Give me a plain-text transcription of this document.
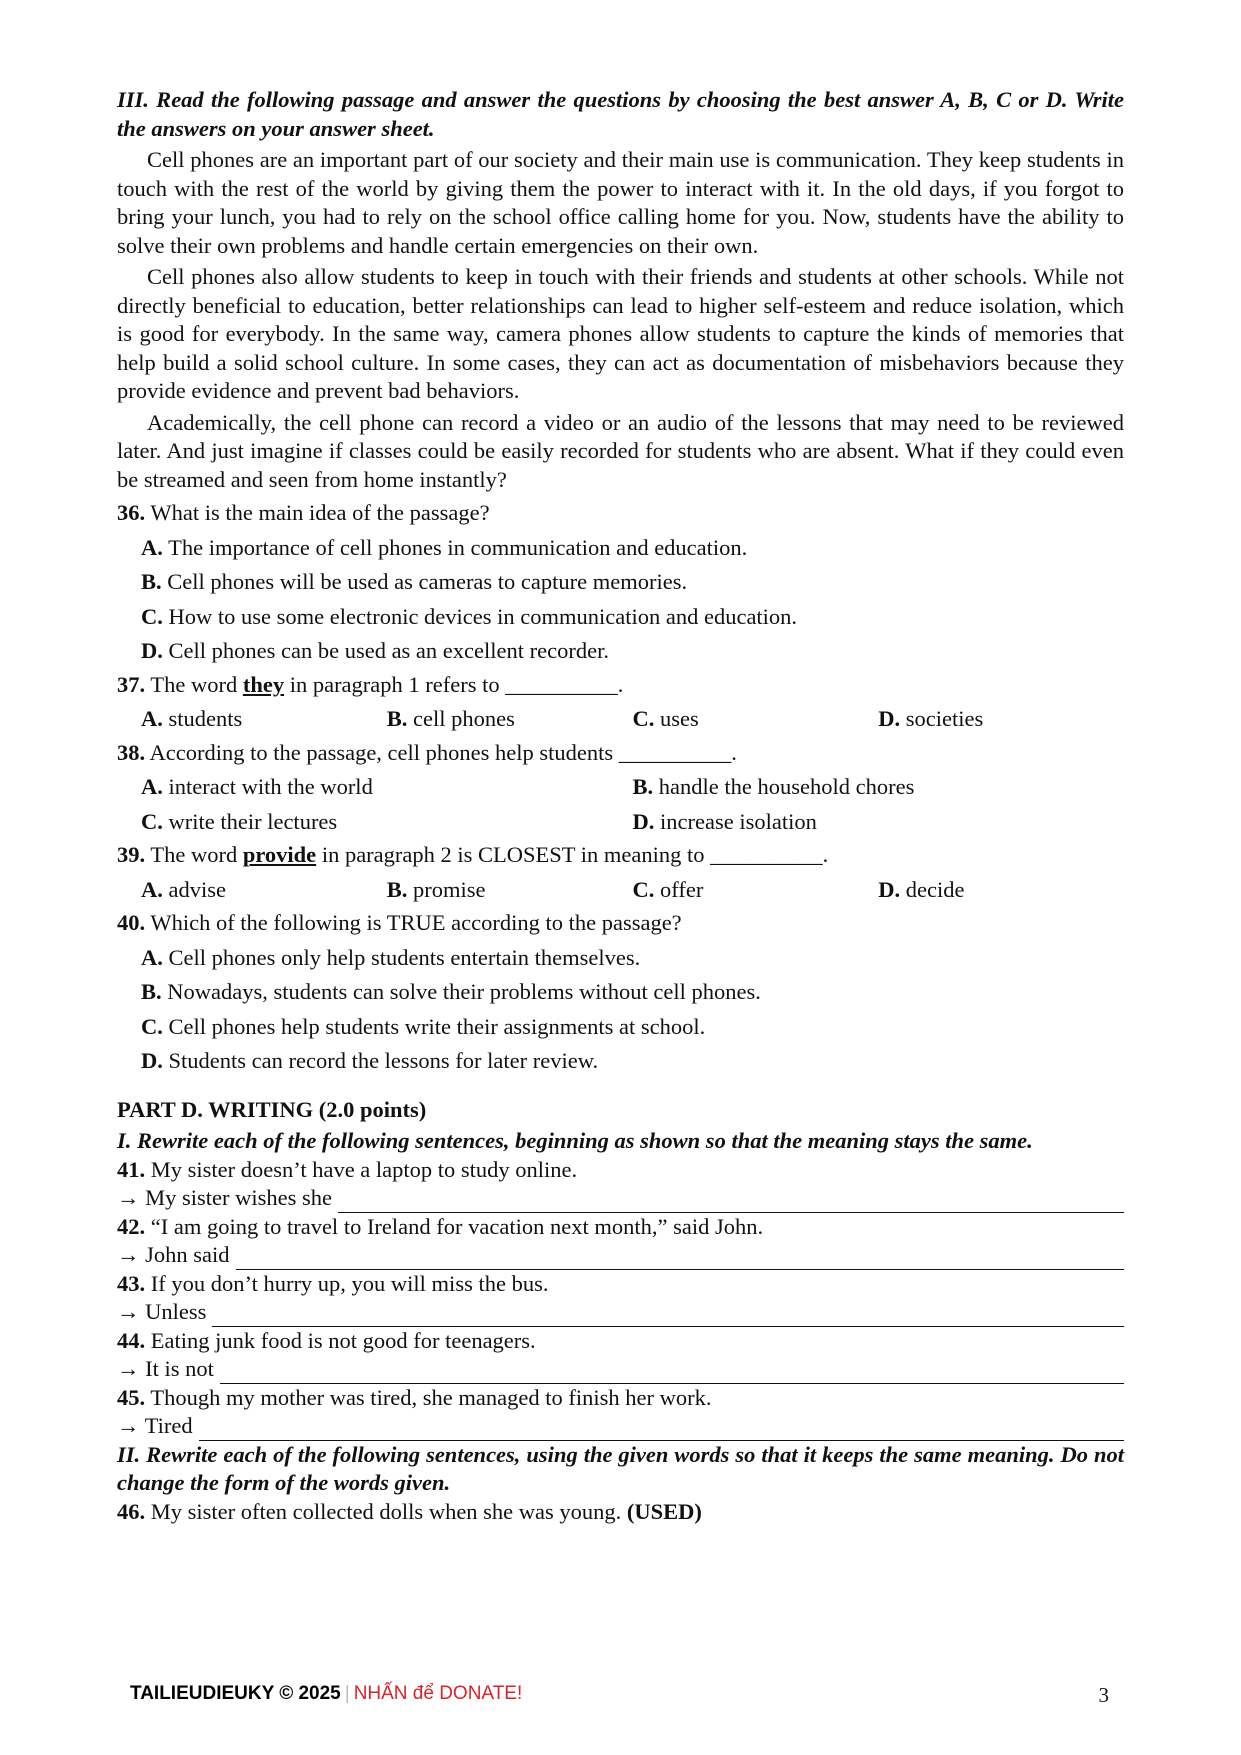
III. Read the following passage and answer the questions by choosing the best answer A, B, C or D. Write the answers on your answer sheet.
Cell phones are an important part of our society and their main use is communication. They keep students in touch with the rest of the world by giving them the power to interact with it. In the old days, if you forgot to bring your lunch, you had to rely on the school office calling home for you. Now, students have the ability to solve their own problems and handle certain emergencies on their own.
Cell phones also allow students to keep in touch with their friends and students at other schools. While not directly beneficial to education, better relationships can lead to higher self-esteem and reduce isolation, which is good for everybody. In the same way, camera phones allow students to capture the kinds of memories that help build a solid school culture. In some cases, they can act as documentation of misbehaviors because they provide evidence and prevent bad behaviors.
Academically, the cell phone can record a video or an audio of the lessons that may need to be reviewed later. And just imagine if classes could be easily recorded for students who are absent. What if they could even be streamed and seen from home instantly?
36. What is the main idea of the passage?
A. The importance of cell phones in communication and education.
B. Cell phones will be used as cameras to capture memories.
C. How to use some electronic devices in communication and education.
D. Cell phones can be used as an excellent recorder.
37. The word they in paragraph 1 refers to __________.
A. students	B. cell phones	C. uses	D. societies
38. According to the passage, cell phones help students __________.
A. interact with the world	B. handle the household chores
C. write their lectures	D. increase isolation
39. The word provide in paragraph 2 is CLOSEST in meaning to __________.
A. advise	B. promise	C. offer	D. decide
40. Which of the following is TRUE according to the passage?
A. Cell phones only help students entertain themselves.
B. Nowadays, students can solve their problems without cell phones.
C. Cell phones help students write their assignments at school.
D. Students can record the lessons for later review.
PART D. WRITING (2.0 points)
I. Rewrite each of the following sentences, beginning as shown so that the meaning stays the same.
41. My sister doesn’t have a laptop to study online.
→ My sister wishes she
42. “I am going to travel to Ireland for vacation next month,” said John.
→ John said
43. If you don’t hurry up, you will miss the bus.
→ Unless
44. Eating junk food is not good for teenagers.
→ It is not
45. Though my mother was tired, she managed to finish her work.
→ Tired
II. Rewrite each of the following sentences, using the given words so that it keeps the same meaning. Do not change the form of the words given.
46. My sister often collected dolls when she was young. (USED)
TAILIEUDIEUKY © 2025 | NHẤN để DONATE!	3
